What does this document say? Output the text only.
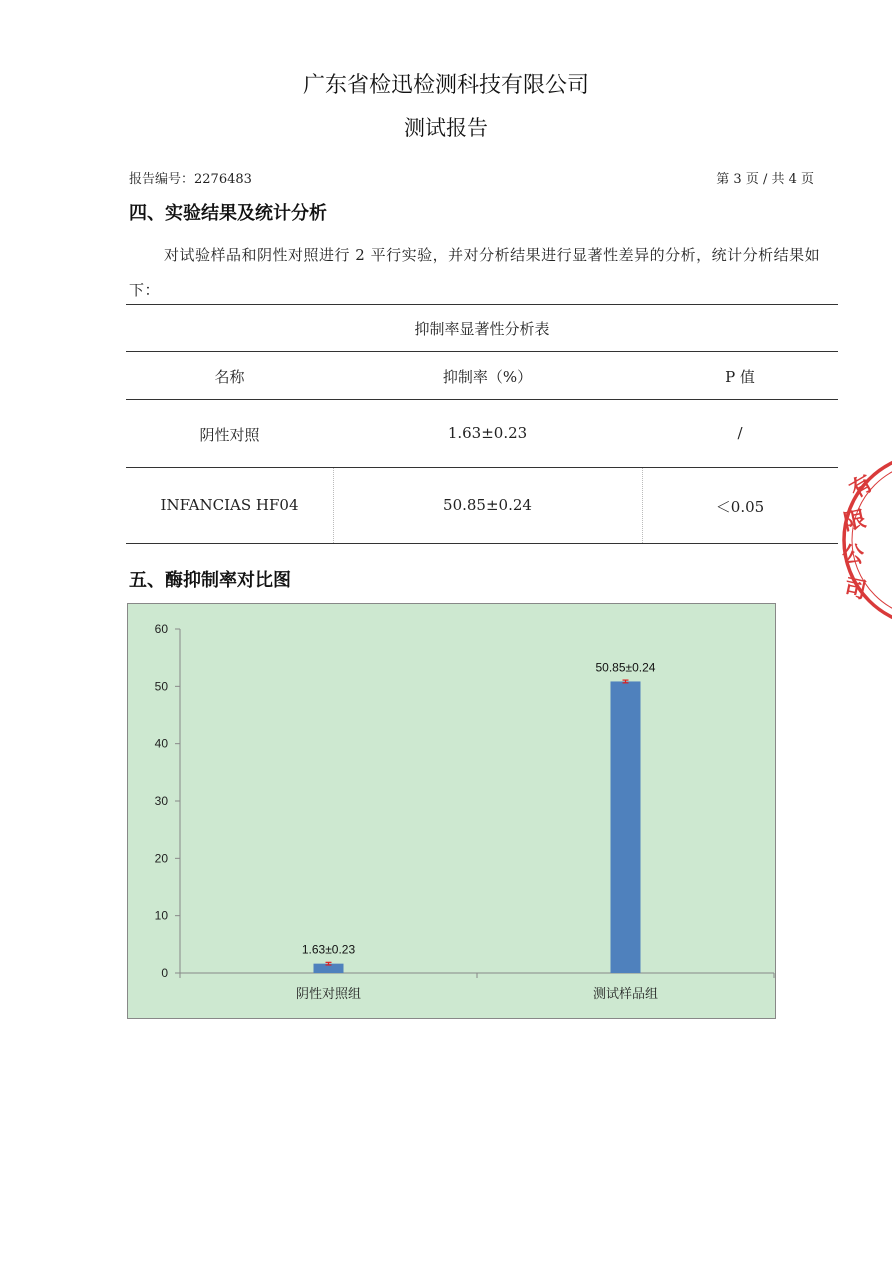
广东省检迅检测科技有限公司
测试报告
报告编号：2276483	第 3 页 / 共 4 页
四、实验结果及统计分析
对试验样品和阴性对照进行 2 平行实验，并对分析结果进行显著性差异的分析，统计分析结果如下：
抑制率显著性分析表
名称	抑制率（%）	P 值
阴性对照	1.63±0.23	/
INFANCIAS HF04	50.85±0.24	＜0.05
五、酶抑制率对比图
有
限
公
司
0
10
20
30
40
50
60
1.63±0.23
阴性对照组
50.85±0.24
测试样品组
